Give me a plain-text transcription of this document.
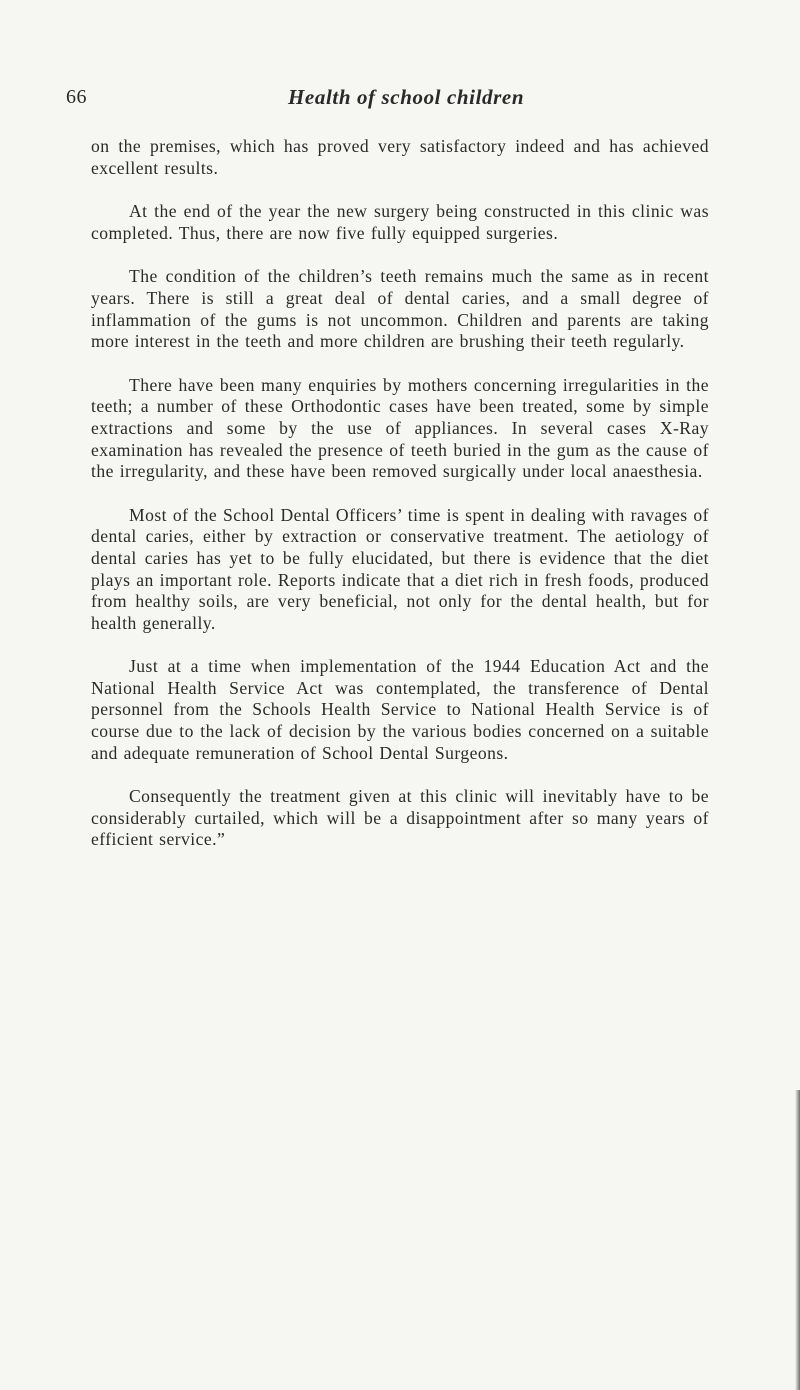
66	Health of school children

on the premises, which has proved very satisfactory indeed and has achieved excellent results.

At the end of the year the new surgery being constructed in this clinic was completed. Thus, there are now five fully equipped surgeries.

The condition of the children’s teeth remains much the same as in recent years. There is still a great deal of dental caries, and a small degree of inflammation of the gums is not uncommon. Children and parents are taking more interest in the teeth and more children are brushing their teeth regularly.

There have been many enquiries by mothers concerning irregularities in the teeth; a number of these Orthodontic cases have been treated, some by simple extractions and some by the use of appliances. In several cases X-Ray examination has revealed the presence of teeth buried in the gum as the cause of the irregularity, and these have been removed surgically under local anaesthesia.

Most of the School Dental Officers’ time is spent in dealing with ravages of dental caries, either by extraction or conservative treatment. The aetiology of dental caries has yet to be fully elucidated, but there is evidence that the diet plays an important role. Reports indicate that a diet rich in fresh foods, produced from healthy soils, are very beneficial, not only for the dental health, but for health generally.

Just at a time when implementation of the 1944 Education Act and the National Health Service Act was contemplated, the transference of Dental personnel from the Schools Health Service to National Health Service is of course due to the lack of decision by the various bodies concerned on a suitable and adequate remuneration of School Dental Surgeons.

Consequently the treatment given at this clinic will inevitably have to be considerably curtailed, which will be a disappointment after so many years of efficient service.”
